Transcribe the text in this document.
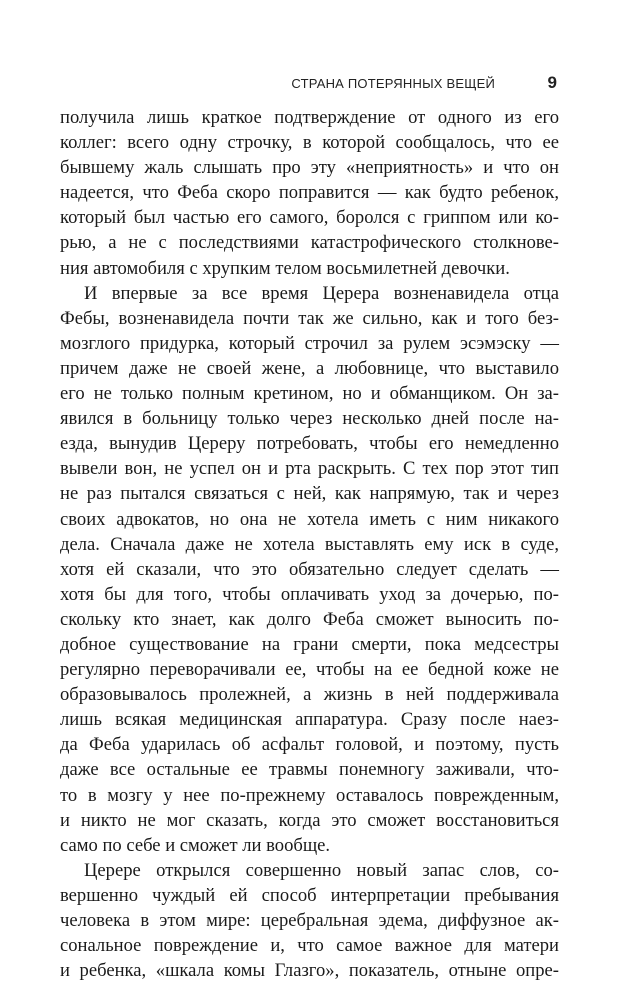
СТРАНА ПОТЕРЯННЫХ ВЕЩЕЙ	9
получила лишь краткое подтверждение от одного из его
коллег: всего одну строчку, в которой сообщалось, что ее
бывшему жаль слышать про эту «неприятность» и что он
надеется, что Феба скоро поправится — как будто ребенок,
который был частью его самого, боролся с гриппом или ко-
рью, а не с последствиями катастрофического столкнове-
ния автомобиля с хрупким телом восьмилетней девочки.
И впервые за все время Церера возненавидела отца
Фебы, возненавидела почти так же сильно, как и того без-
мозглого придурка, который строчил за рулем эсэмэску —
причем даже не своей жене, а любовнице, что выставило
его не только полным кретином, но и обманщиком. Он за-
явился в больницу только через несколько дней после на-
езда, вынудив Цереру потребовать, чтобы его немедленно
вывели вон, не успел он и рта раскрыть. С тех пор этот тип
не раз пытался связаться с ней, как напрямую, так и через
своих адвокатов, но она не хотела иметь с ним никакого
дела. Сначала даже не хотела выставлять ему иск в суде,
хотя ей сказали, что это обязательно следует сделать —
хотя бы для того, чтобы оплачивать уход за дочерью, по-
скольку кто знает, как долго Феба сможет выносить по-
добное существование на грани смерти, пока медсестры
регулярно переворачивали ее, чтобы на ее бедной коже не
образовывалось пролежней, а жизнь в ней поддерживала
лишь всякая медицинская аппаратура. Сразу после наез-
да Феба ударилась об асфальт головой, и поэтому, пусть
даже все остальные ее травмы понемногу заживали, что-
то в мозгу у нее по-прежнему оставалось поврежденным,
и никто не мог сказать, когда это сможет восстановиться
само по себе и сможет ли вообще.
Церере открылся совершенно новый запас слов, со-
вершенно чуждый ей способ интерпретации пребывания
человека в этом мире: церебральная эдема, диффузное ак-
сональное повреждение и, что самое важное для матери
и ребенка, «шкала комы Глазго», показатель, отныне опре-
